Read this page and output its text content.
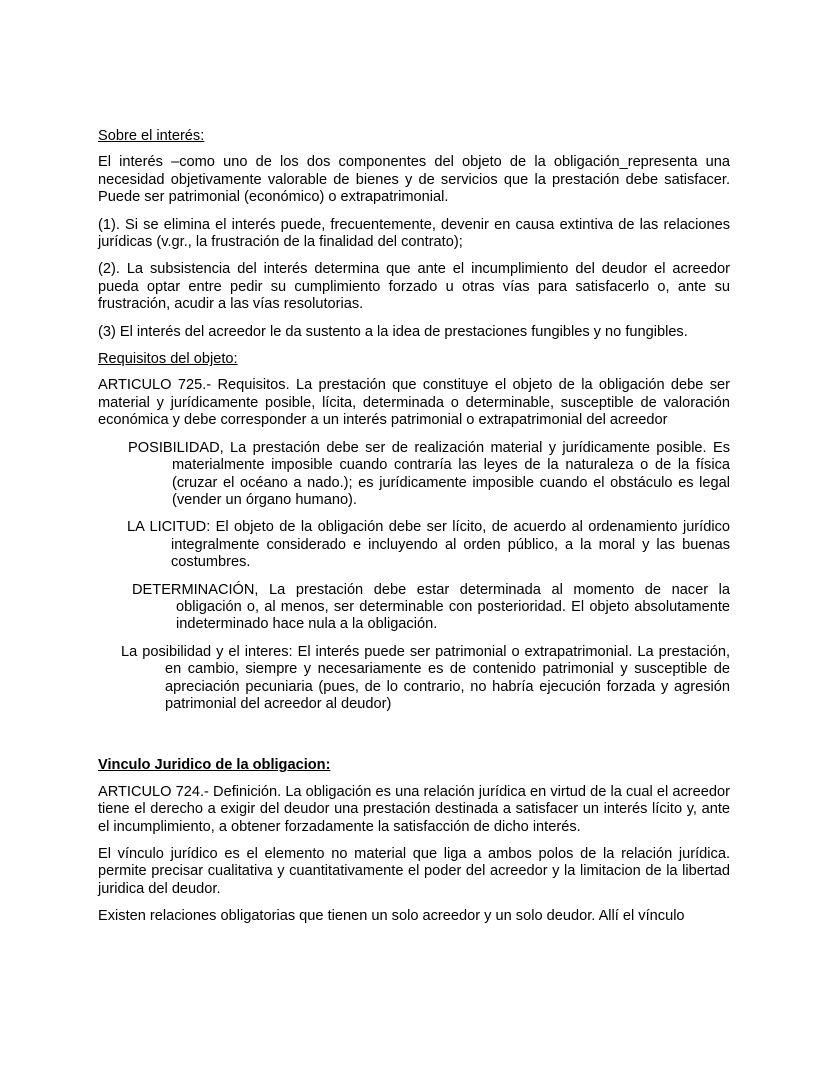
Sobre el interés:

El interés –como uno de los dos componentes del objeto de la obligación_representa una necesidad objetivamente valorable de bienes y de servicios que la prestación debe satisfacer. Puede ser patrimonial (económico) o extrapatrimonial.

(1). Si se elimina el interés puede, frecuentemente, devenir en causa extintiva de las relaciones jurídicas (v.gr., la frustración de la finalidad del contrato);

(2). La subsistencia del interés determina que ante el incumplimiento del deudor el acreedor pueda optar entre pedir su cumplimiento forzado u otras vías para satisfacerlo o, ante su frustración, acudir a las vías resolutorias.

(3) El interés del acreedor le da sustento a la idea de prestaciones fungibles y no fungibles.

Requisitos del objeto:

ARTICULO 725.- Requisitos. La prestación que constituye el objeto de la obligación debe ser material y jurídicamente posible, lícita, determinada o determinable, susceptible de valoración económica y debe corresponder a un interés patrimonial o extrapatrimonial del acreedor

POSIBILIDAD, La prestación debe ser de realización material y jurídicamente posible. Es materialmente imposible cuando contraría las leyes de la naturaleza o de la física (cruzar el océano a nado.); es jurídicamente imposible cuando el obstáculo es legal (vender un órgano humano).

LA LICITUD: El objeto de la obligación debe ser lícito, de acuerdo al ordenamiento jurídico integralmente considerado e incluyendo al orden público, a la moral y las buenas costumbres.

DETERMINACIÓN, La prestación debe estar determinada al momento de nacer la obligación o, al menos, ser determinable con posterioridad. El objeto absolutamente indeterminado hace nula a la obligación.

La posibilidad y el interes: El interés puede ser patrimonial o extrapatrimonial. La prestación, en cambio, siempre y necesariamente es de contenido patrimonial y susceptible de apreciación pecuniaria (pues, de lo contrario, no habría ejecución forzada y agresión patrimonial del acreedor al deudor)

Vinculo Juridico de la obligacion:

ARTICULO 724.- Definición. La obligación es una relación jurídica en virtud de la cual el acreedor tiene el derecho a exigir del deudor una prestación destinada a satisfacer un interés lícito y, ante el incumplimiento, a obtener forzadamente la satisfacción de dicho interés.

El vínculo jurídico es el elemento no material que liga a ambos polos de la relación jurídica. permite precisar cualitativa y cuantitativamente el poder del acreedor y la limitacion de la libertad juridica del deudor.

Existen relaciones obligatorias que tienen un solo acreedor y un solo deudor. Allí el vínculo
